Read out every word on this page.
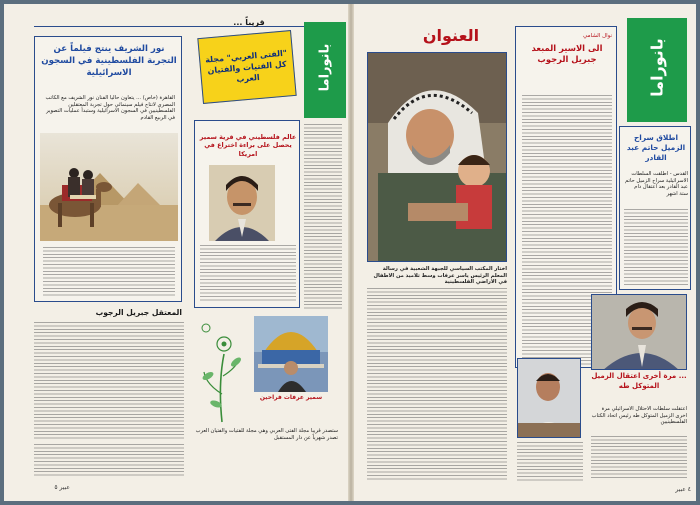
قريباً ...
"الفتى العربي" مجلة كل الفتيات والفتيان العرب	بانوراما
نور الشريف ينتج فيلماً عن التجربة الفلسطينية في السجون الاسرائيلية
القاهرة (خاص) ... يتعاون حالياً الفنان نور الشريف مع الكاتب المصري لانتاج فيلم سينمائي حول تجربة المعتقلين الفلسطينيين في السجون الاسرائيلية وستبدأ عمليات التصوير في الربيع القادم
عالم فلسطيني في قرية سمير يحصل على براءة اختراع في امريكا
المعتقل جبريل الرجوب
سمير عرفات فراحين
ستصدر قريباً مجلة الفتى العربي وهي مجلة للفتيات والفتيان العرب تصدر شهرياً عن دار المستقبل
عبير ٥
بانوراما
العنوان
اختار المكتب السياسي للجبهة الشعبية في رسالة المعلم الرئيس ياسر عرفات وسط تلاميذ من الاطفال في الاراضي الفلسطينية
نوال الشامي
الى الاسير المبعد جبريل الرجوب
اطلاق سراح الزميل حاتم عبد القادر
القدس - اطلقت السلطات الاسرائيلية سراح الزميل حاتم عبد القادر بعد اعتقال دام ستة اشهر
... مرة أخرى اعتقال الزميل المتوكل طه
اعتقلت سلطات الاحتلال الاسرائيلي مرة اخرى الزميل المتوكل طه رئيس اتحاد الكتاب الفلسطينيين
٤ عبير
